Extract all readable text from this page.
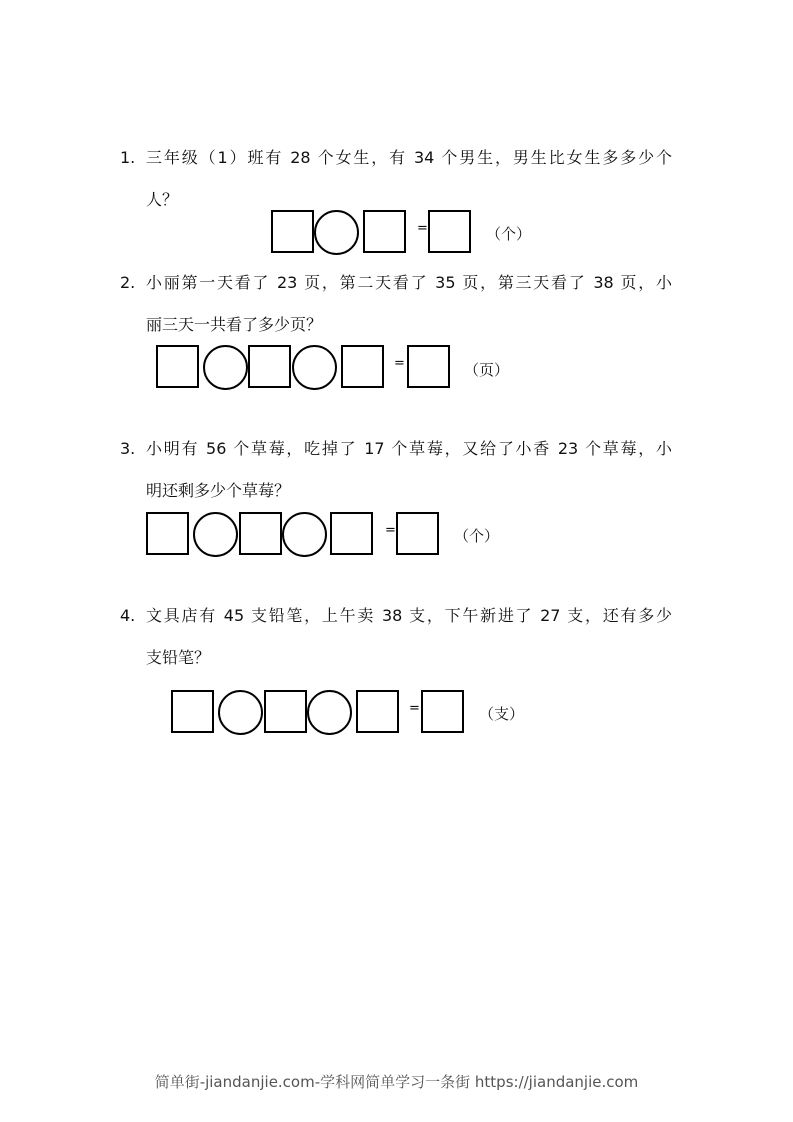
1. 三年级（1）班有 28 个女生，有 34 个男生，男生比女生多多少个
人？
=	（个）
2. 小丽第一天看了 23 页，第二天看了 35 页，第三天看了 38 页，小
丽三天一共看了多少页？
=	（页）
3. 小明有 56 个草莓，吃掉了 17 个草莓，又给了小香 23 个草莓，小
明还剩多少个草莓？
=	（个）
4. 文具店有 45 支铅笔，上午卖 38 支，下午新进了 27 支，还有多少
支铅笔？
=	（支）
简单街-jiandanjie.com-学科网简单学习一条街 https://jiandanjie.com
